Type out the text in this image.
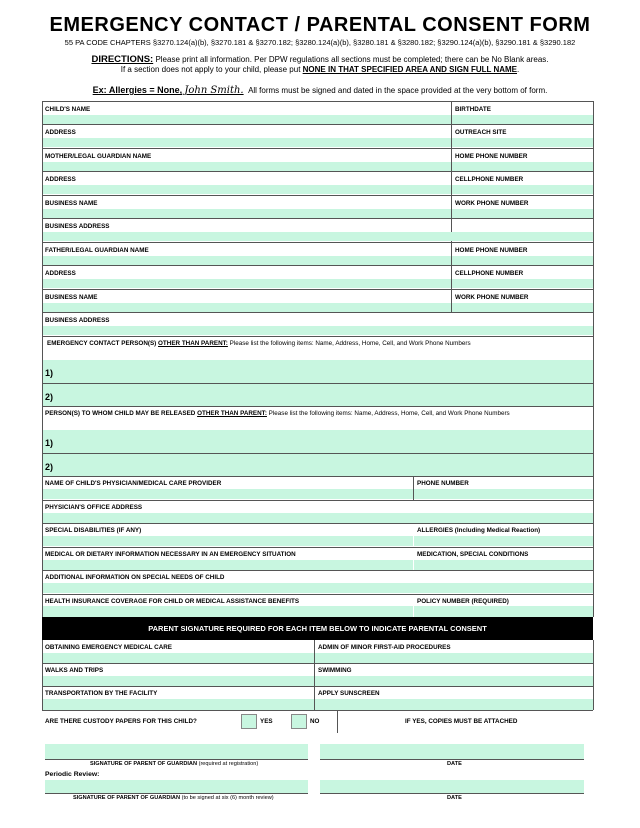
EMERGENCY CONTACT / PARENTAL CONSENT FORM
55 PA CODE CHAPTERS §3270.124(a)(b), §3270.181 & §3270.182; §3280.124(a)(b), §3280.181 & §3280.182; §3290.124(a)(b), §3290.181 & §3290.182
DIRECTIONS: Please print all information. Per DPW regulations all sections must be completed; there can be No Blank areas.
If a section does not apply to your child, please put NONE IN THAT SPECIFIED AREA AND SIGN FULL NAME.
Ex: Allergies = None, John Smith. All forms must be signed and dated in the space provided at the very bottom of form.
CHILD'S NAME	BIRTHDATE
ADDRESS	OUTREACH SITE
MOTHER/LEGAL GUARDIAN NAME	HOME PHONE NUMBER
ADDRESS	CELLPHONE NUMBER
BUSINESS NAME	WORK PHONE NUMBER
BUSINESS ADDRESS
FATHER/LEGAL GUARDIAN NAME	HOME PHONE NUMBER
ADDRESS	CELLPHONE NUMBER
BUSINESS NAME	WORK PHONE NUMBER
BUSINESS ADDRESS
EMERGENCY CONTACT PERSON(S) OTHER THAN PARENT: Please list the following items: Name, Address, Home, Cell, and Work Phone Numbers
1)
2)
PERSON(S) TO WHOM CHILD MAY BE RELEASED OTHER THAN PARENT: Please list the following items: Name, Address, Home, Cell, and Work Phone Numbers
1)
2)
NAME OF CHILD'S PHYSICIAN/MEDICAL CARE PROVIDER	PHONE NUMBER
PHYSICIAN'S OFFICE ADDRESS
SPECIAL DISABILITIES (IF ANY)	ALLERGIES (Including Medical Reaction)
MEDICAL OR DIETARY INFORMATION NECESSARY IN AN EMERGENCY SITUATION	MEDICATION, SPECIAL CONDITIONS
ADDITIONAL INFORMATION ON SPECIAL NEEDS OF CHILD
HEALTH INSURANCE COVERAGE FOR CHILD OR MEDICAL ASSISTANCE BENEFITS	POLICY NUMBER (REQUIRED)
PARENT SIGNATURE REQUIRED FOR EACH ITEM BELOW TO INDICATE PARENTAL CONSENT
OBTAINING EMERGENCY MEDICAL CARE	ADMIN OF MINOR FIRST-AID PROCEDURES
WALKS AND TRIPS	SWIMMING
TRANSPORTATION BY THE FACILITY	APPLY SUNSCREEN
ARE THERE CUSTODY PAPERS FOR THIS CHILD?	YES	NO	IF YES, COPIES MUST BE ATTACHED
SIGNATURE OF PARENT OF GUARDIAN (required at registration)	DATE
Periodic Review:
SIGNATURE OF PARENT OF GUARDIAN (to be signed at six (6) month review)	DATE
